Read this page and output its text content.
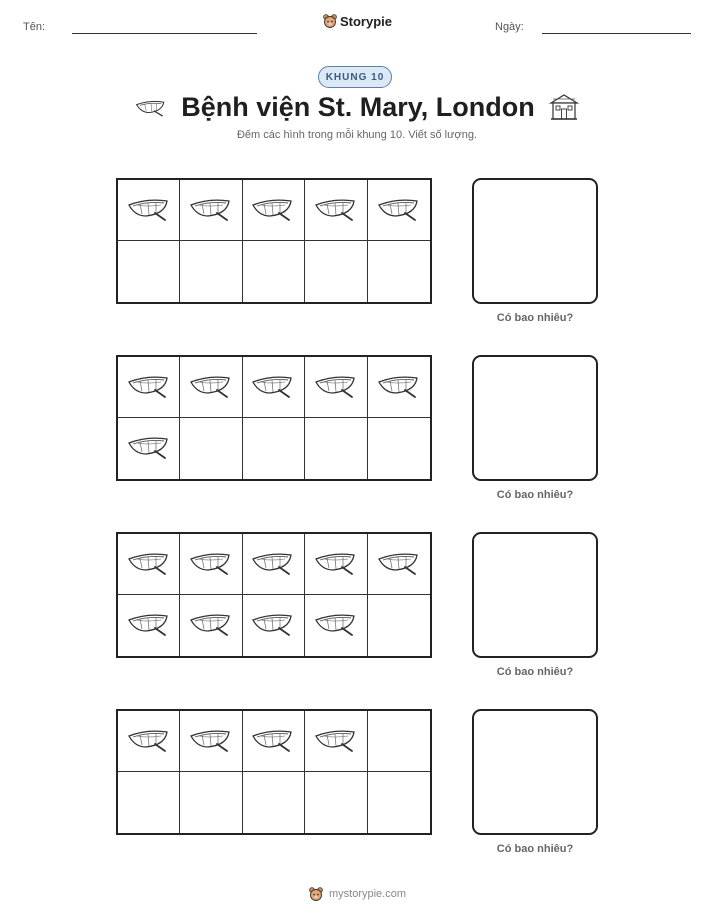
Tên:	Storypie	Ngày:
KHUNG 10
Bệnh viện St. Mary, London
Đếm các hình trong mỗi khung 10. Viết số lượng.
Có bao nhiêu?
Có bao nhiêu?
Có bao nhiêu?
Có bao nhiêu?
mystorypie.com
